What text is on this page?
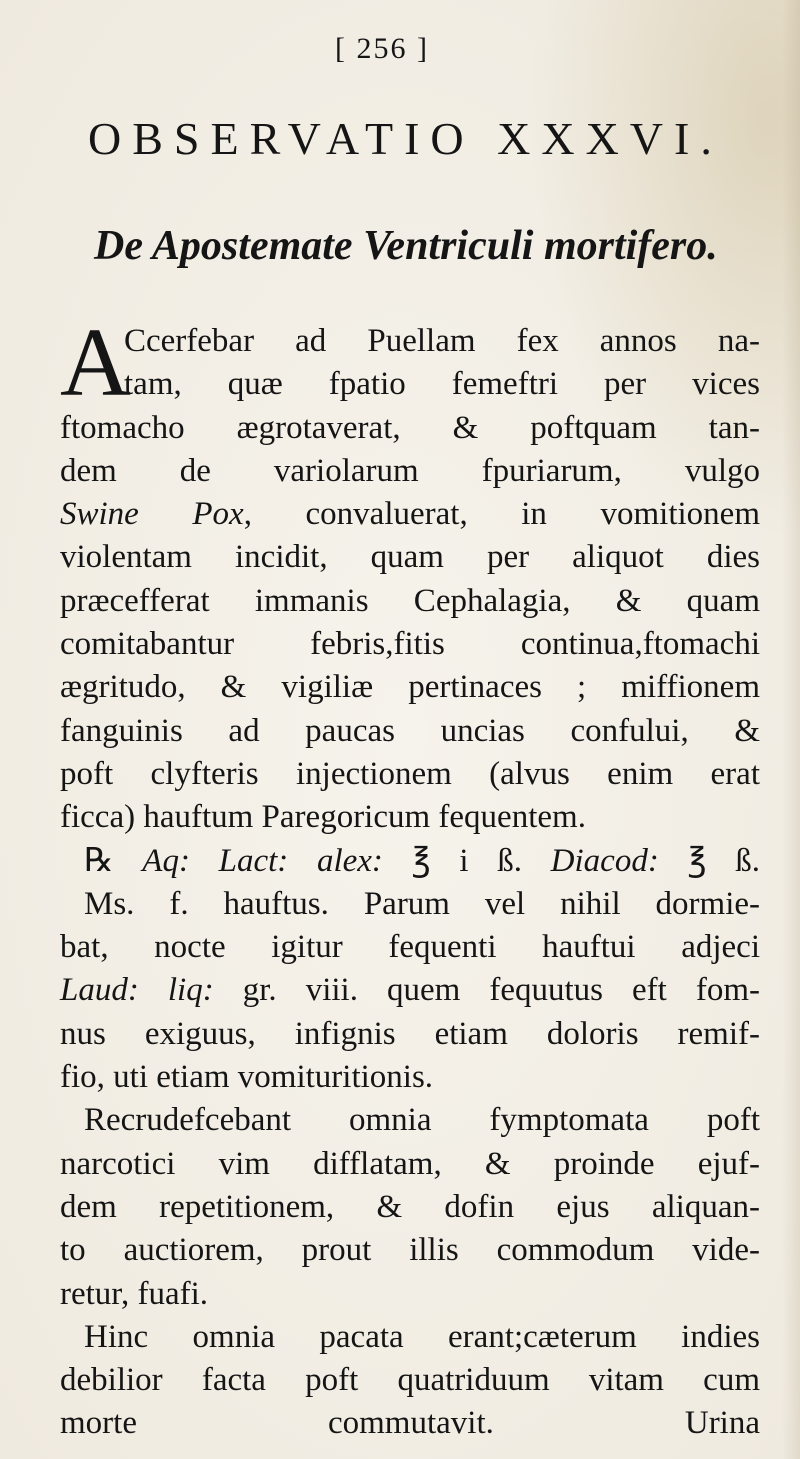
[ 256 ]
OBSERVATIO XXXVI.
De Apostemate Ventriculi mortifero.
A
Ccerfebar ad Puellam fex annos na-
tam, quæ fpatio femeftri per vices
ftomacho ægrotaverat, & poftquam tan-
dem de variolarum fpuriarum, vulgo
Swine Pox, convaluerat, in vomitionem
violentam incidit, quam per aliquot dies
præcefferat immanis Cephalagia, & quam
comitabantur febris,fitis continua,ftomachi
ægritudo, & vigiliæ pertinaces ; miffionem
fanguinis ad paucas uncias confului, &
poft clyfteris injectionem (alvus enim erat
ficca) hauftum Paregoricum fequentem.
℞ Aq: Lact: alex: ℥ i ß. Diacod: ℥ ß.
Ms. f. hauftus. Parum vel nihil dormie-
bat, nocte igitur fequenti hauftui adjeci
Laud: liq: gr. viii. quem fequutus eft fom-
nus exiguus, infignis etiam doloris remif-
fio, uti etiam vomituritionis.
Recrudefcebant omnia fymptomata poft
narcotici vim difflatam, & proinde ejuf-
dem repetitionem, & dofin ejus aliquan-
to auctiorem, prout illis commodum vide-
retur, fuafi.
Hinc omnia pacata erant;cæterum indies
debilior facta poft quatriduum vitam cum
morte commutavit. Urina
